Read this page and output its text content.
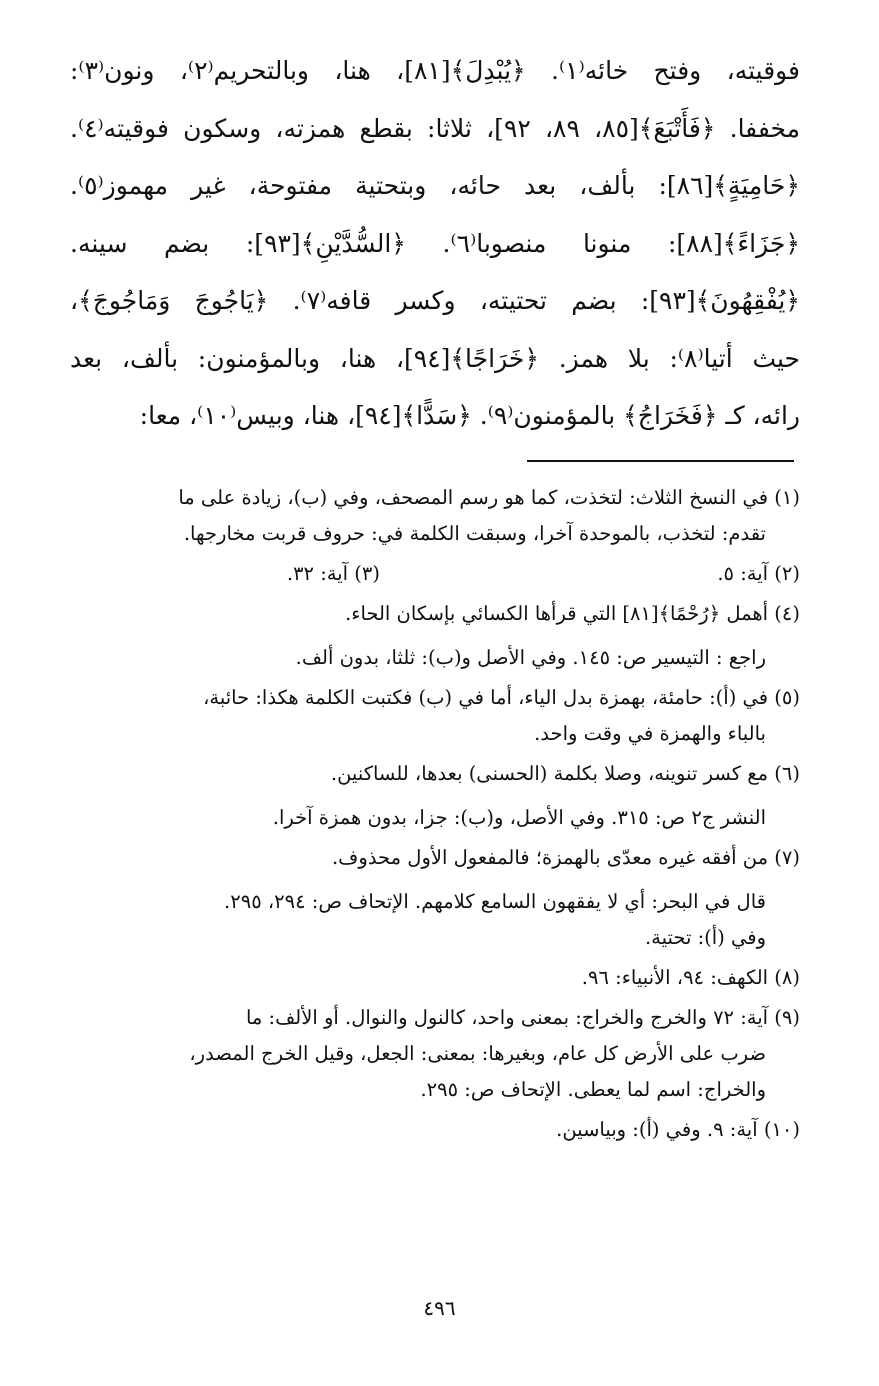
فوقيته، وفتح خائه⁽١⁾. ﴿يُبْدِلَ﴾[٨١]، هنا، وبالتحريم⁽٢⁾، ونون⁽٣⁾:
مخففا. ﴿فَأَتْبَعَ﴾[٨٥، ٨٩، ٩٢]، ثلاثا: بقطع همزته، وسكون فوقيته⁽٤⁾.
﴿حَامِيَةٍ﴾[٨٦]: بألف، بعد حائه، وبتحتية مفتوحة، غير مهموز⁽٥⁾.
﴿جَزَاءً﴾[٨٨]: منونا منصوبا⁽٦⁾. ﴿السُّدَّيْنِ﴾[٩٣]: بضم سينه.
﴿يُفْقِهُونَ﴾[٩٣]: بضم تحتيته، وكسر قافه⁽٧⁾. ﴿يَاجُوجَ وَمَاجُوجَ﴾،
حيث أتيا⁽٨⁾: بلا همز. ﴿خَرَاجًا﴾[٩٤]، هنا، وبالمؤمنون: بألف، بعد
رائه، كـ ﴿فَخَرَاجُ﴾ بالمؤمنون⁽٩⁾. ﴿سَدًّا﴾[٩٤]، هنا، وبيس⁽١٠⁾، معا:
(١) في النسخ الثلاث: لتخذت، كما هو رسم المصحف، وفي (ب)، زيادة على ما
تقدم: لتخذب، بالموحدة آخرا، وسبقت الكلمة في: حروف قربت مخارجها.
(٢) آية: ٥.
(٣) آية: ٣٢.
(٤) أهمل ﴿رُحْمًا﴾[٨١] التي قرأها الكسائي بإسكان الحاء.
راجع : التيسير ص: ١٤٥. وفي الأصل و(ب): ثلثا، بدون ألف.
(٥) في (أ): حامئة، بهمزة بدل الياء، أما في (ب) فكتبت الكلمة هكذا: حائبة،
بالباء والهمزة في وقت واحد.
(٦) مع كسر تنوينه، وصلا بكلمة (الحسنى) بعدها، للساكنين.
النشر ج٢ ص: ٣١٥. وفي الأصل، و(ب): جزا، بدون همزة آخرا.
(٧) من أفقه غيره معدّى بالهمزة؛ فالمفعول الأول محذوف.
قال في البحر: أي لا يفقهون السامع كلامهم. الإتحاف ص: ٢٩٤، ٢٩٥.
وفي (أ): تحتية.
(٨) الكهف: ٩٤، الأنبياء: ٩٦.
(٩) آية: ٧٢ والخرج والخراج: بمعنى واحد، كالنول والنوال. أو الألف: ما
ضرب على الأرض كل عام، وبغيرها: بمعنى: الجعل، وقيل الخرج المصدر،
والخراج: اسم لما يعطى. الإتحاف ص: ٢٩٥.
(١٠) آية: ٩. وفي (أ): وبياسين.
٤٩٦
